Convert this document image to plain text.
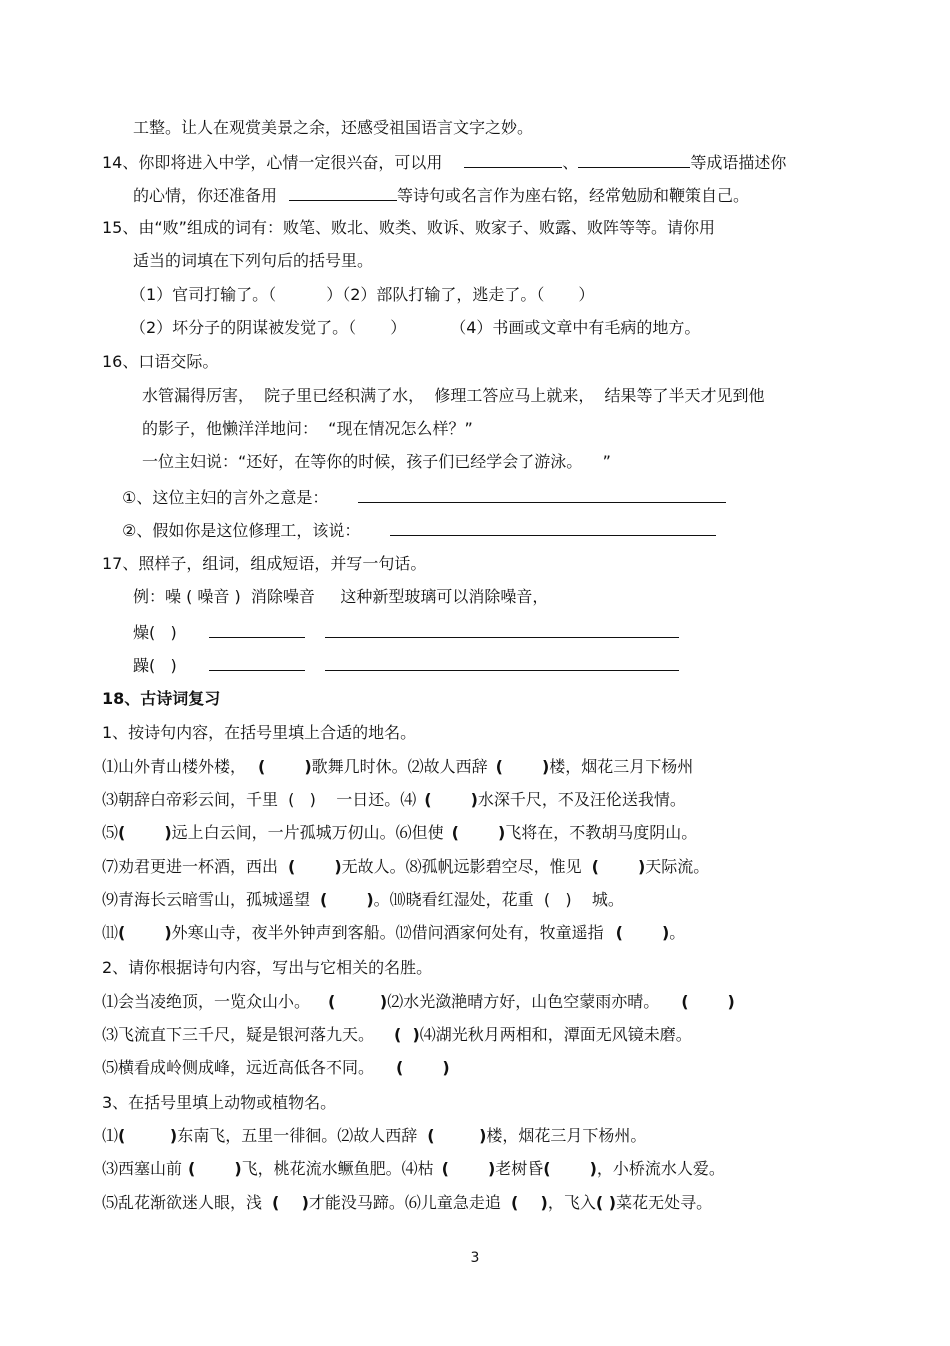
工整。让人在观赏美景之余，还感受祖国语言文字之妙。
14、你即将进入中学，心情一定很兴奋，可以用	、	等成语描述你
的心情，你还准备用	等诗句或名言作为座右铭，经常勉励和鞭策自己。
15、由“败”组成的词有：败笔、败北、败类、败诉、败家子、败露、败阵等等。请你用
适当的词填在下列句后的括号里。
（1）官司打输了。（	）（2）部队打输了，逃走了。（ ）
（2）坏分子的阴谋被发觉了。（ ）	（4）书画或文章中有毛病的地方。
16、口语交际。
水管漏得厉害，  院子里已经积满了水，  修理工答应马上就来，  结果等了半天才见到他
的影子，他懒洋洋地问：  “现在情况怎么样？”
一位主妇说：“还好，在等你的时候，孩子们已经学会了游泳。    ”
①、这位主妇的言外之意是：
②、假如你是这位修理工，该说：
17、照样子，组词，组成短语，并写一句话。
例：噪 ( 噪音 )  消除噪音     这种新型玻璃可以消除噪音，
燥(   )
躁(   )
18、古诗词复习
1、按诗句内容，在括号里填上合适的地名。
⑴山外青山楼外楼， (       )歌舞几时休。⑵故人西辞 (       )楼，烟花三月下杨州
⑶朝辞白帝彩云间，千里  (   )    一日还。⑷ (       )水深千尺，不及汪伦送我情。
⑸(       )远上白云间，一片孤城万仞山。⑹但使 (       )飞将在，不教胡马度阴山。
⑺劝君更进一杯酒，西出 (       )无故人。⑻孤帆远影碧空尽，惟见 (       )天际流。
⑼青海长云暗雪山，孤城遥望 (       )。⑽晓看红湿处，花重  (   )    城。
⑾(       )外寒山寺，夜半外钟声到客船。⑿借问酒家何处有，牧童遥指 (       )。
2、请你根据诗句内容，写出与它相关的名胜。
⑴会当凌绝顶，一览众山小。 (        )⑵水光潋滟晴方好，山色空蒙雨亦晴。 (       )
⑶飞流直下三千尺，疑是银河落九天。 (  )⑷湖光秋月两相和，潭面无风镜未磨。
⑸横看成岭侧成峰，远近高低各不同。 (       )
3、在括号里填上动物或植物名。
⑴(        )东南飞，五里一徘徊。⑵故人西辞 (        )楼，烟花三月下杨州。
⑶西塞山前 (       )飞，桃花流水鳜鱼肥。⑷枯 (       )老树昏(       )，小桥流水人爱。
⑸乱花渐欲迷人眼，浅 (    )才能没马蹄。⑹儿童急走追 (    )，飞入( )菜花无处寻。
3
